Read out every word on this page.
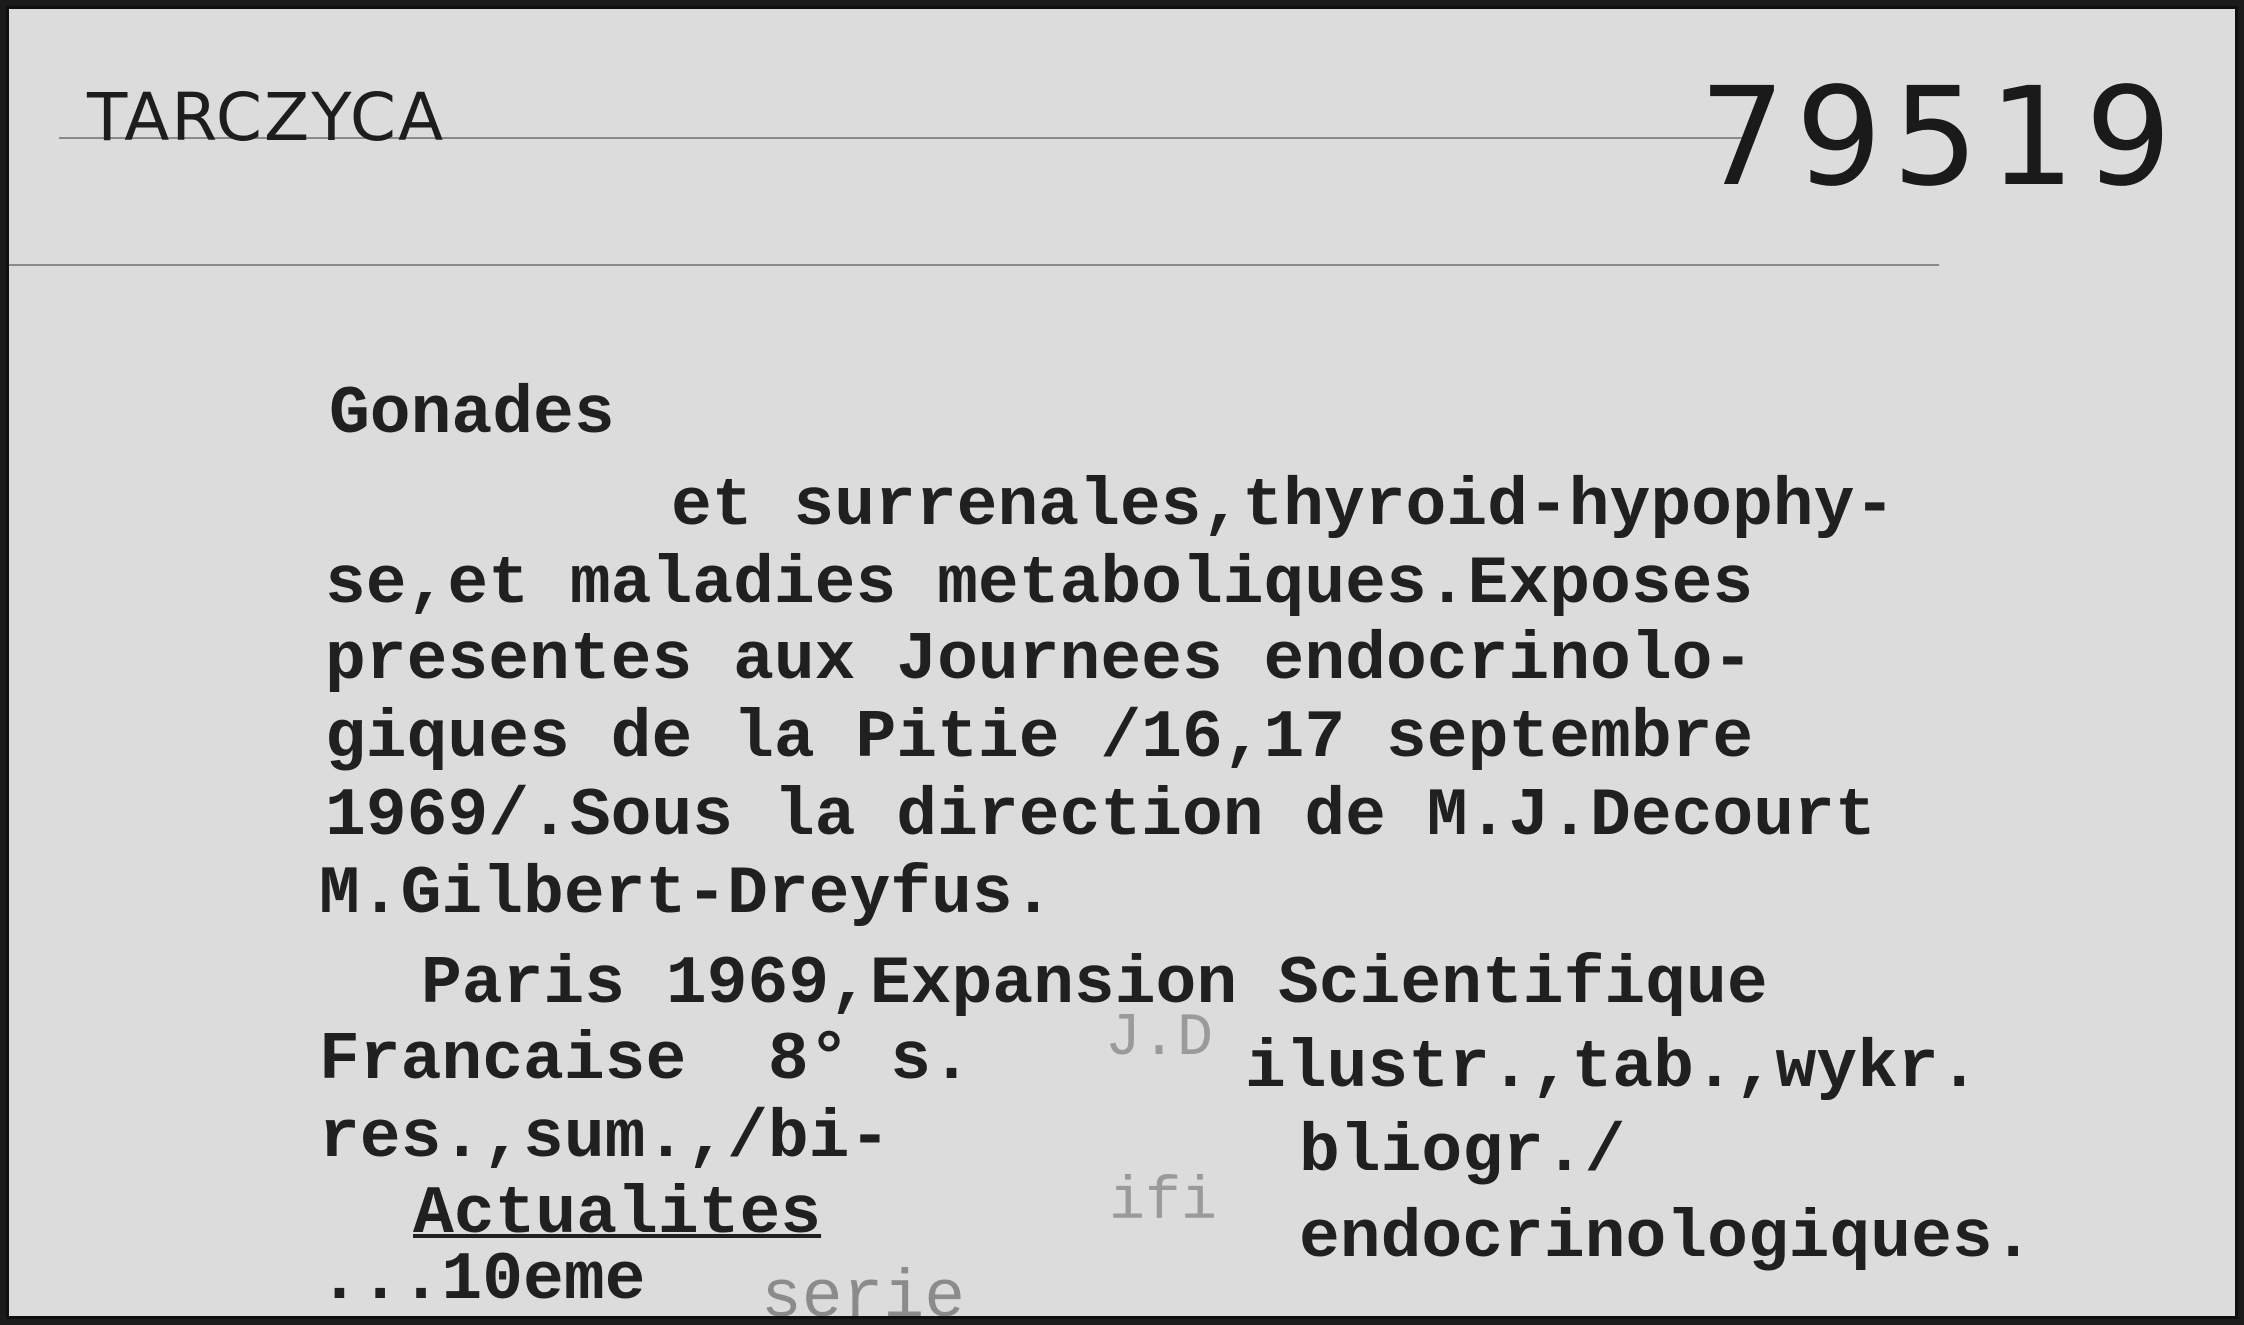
TARCZYCA	79519

Gonades

et surrenales,thyroid-hypophy-

se,et maladies metaboliques.Exposes

presentes aux Journees endocrinolo-

giques de la Pitie /16,17 septembre

1969/.Sous la direction de M.J.Decourt

M.Gilbert-Dreyfus.

Paris 1969,Expansion Scientifique

Francaise  8° s.

	ilustr.,tab.,wykr.

res.,sum.,/bi-

	bliogr./

Actualites

	endocrinologiques.

...10eme

serie

J.D
ifi
